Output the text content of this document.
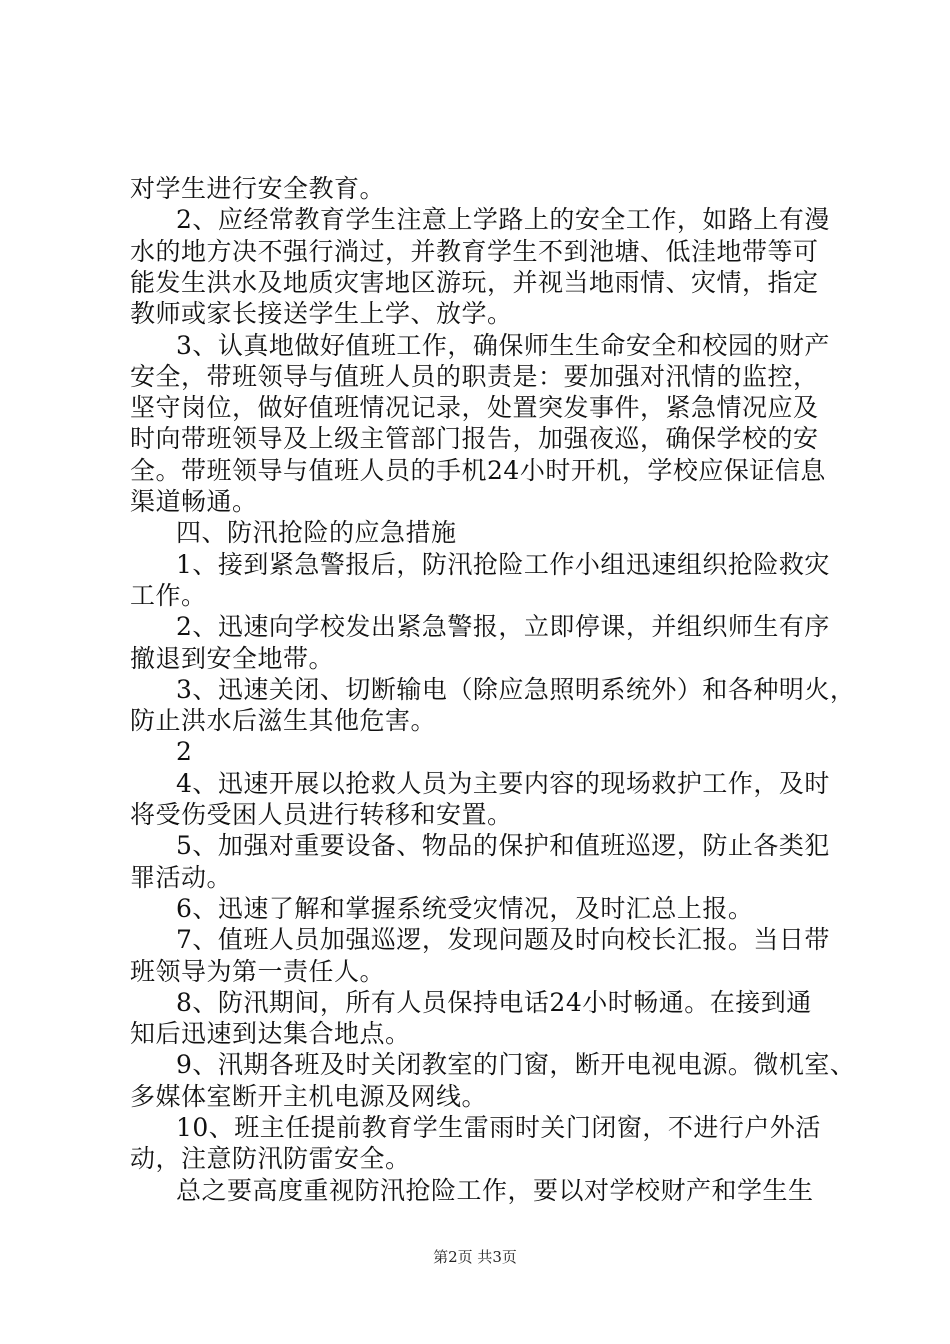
对学生进行安全教育。
2、应经常教育学生注意上学路上的安全工作，如路上有漫
水的地方决不强行淌过，并教育学生不到池塘、低洼地带等可
能发生洪水及地质灾害地区游玩，并视当地雨情、灾情，指定
教师或家长接送学生上学、放学。
3、认真地做好值班工作，确保师生生命安全和校园的财产
安全，带班领导与值班人员的职责是：要加强对汛情的监控，
坚守岗位，做好值班情况记录，处置突发事件，紧急情况应及
时向带班领导及上级主管部门报告，加强夜巡，确保学校的安
全。带班领导与值班人员的手机24小时开机，学校应保证信息
渠道畅通。
四、防汛抢险的应急措施
1、接到紧急警报后，防汛抢险工作小组迅速组织抢险救灾
工作。
2、迅速向学校发出紧急警报，立即停课，并组织师生有序
撤退到安全地带。
3、迅速关闭、切断输电（除应急照明系统外）和各种明火，
防止洪水后滋生其他危害。
2
4、迅速开展以抢救人员为主要内容的现场救护工作，及时
将受伤受困人员进行转移和安置。
5、加强对重要设备、物品的保护和值班巡逻，防止各类犯
罪活动。
6、迅速了解和掌握系统受灾情况，及时汇总上报。
7、值班人员加强巡逻，发现问题及时向校长汇报。当日带
班领导为第一责任人。
8、防汛期间，所有人员保持电话24小时畅通。在接到通
知后迅速到达集合地点。
9、汛期各班及时关闭教室的门窗，断开电视电源。微机室、
多媒体室断开主机电源及网线。
10、班主任提前教育学生雷雨时关门闭窗，不进行户外活
动，注意防汛防雷安全。
总之要高度重视防汛抢险工作，要以对学校财产和学生生
第2页 共3页
